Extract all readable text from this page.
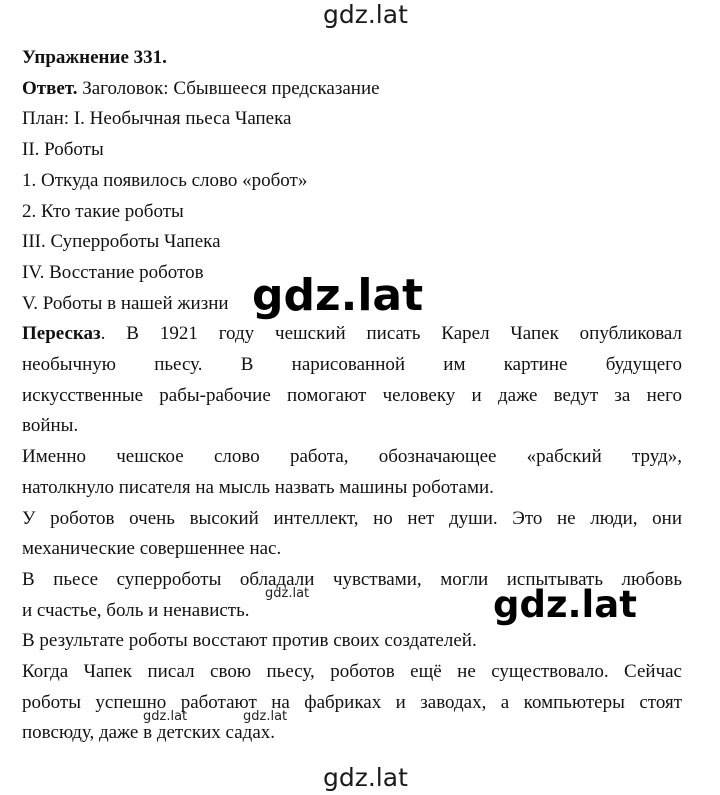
gdz.lat
Упражнение 331.
Ответ. Заголовок: Сбывшееся предсказание
План: I. Необычная пьеса Чапека
II. Роботы
1. Откуда появилось слово «робот»
2. Кто такие роботы
III. Суперроботы Чапека
IV. Восстание роботов
V. Роботы в нашей жизни
Пересказ. В 1921 году чешский писать Карел Чапек опубликовал
необычную пьесу. В нарисованной им картине будущего
искусственные рабы-рабочие помогают человеку и даже ведут за него
войны.
Именно чешское слово работа, обозначающее «рабский труд»,
натолкнуло писателя на мысль назвать машины роботами.
У роботов очень высокий интеллект, но нет души. Это не люди, они
механические совершеннее нас.
В пьесе суперроботы обладали чувствами, могли испытывать любовь
и счастье, боль и ненависть.
В результате роботы восстают против своих создателей.
Когда Чапек писал свою пьесу, роботов ещё не существовало. Сейчас
роботы успешно работают на фабриках и заводах, а компьютеры стоят
повсюду, даже в детских садах.
gdz.lat
gdz.lat
gdz.lat
gdz.lat	gdz.lat
gdz.lat
